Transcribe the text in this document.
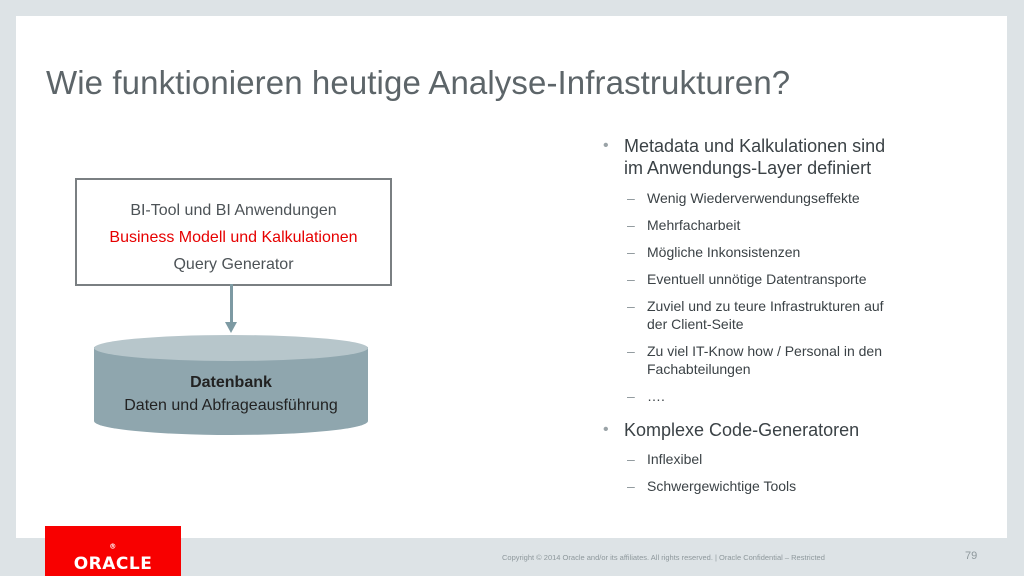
Wie funktionieren heutige Analyse-Infrastrukturen?
BI-Tool und BI Anwendungen
Business Modell und Kalkulationen
Query Generator
Datenbank
Daten und Abfrageausführung
• Metadata und Kalkulationen sind
im Anwendungs-Layer definiert
– Wenig Wiederverwendungseffekte
– Mehrfacharbeit
– Mögliche Inkonsistenzen
– Eventuell unnötige Datentransporte
– Zuviel und zu teure Infrastrukturen auf
der Client-Seite
– Zu viel IT-Know how / Personal in den
Fachabteilungen
– ….
• Komplexe Code-Generatoren
– Inflexibel
– Schwergewichtige Tools
ORACLE
®
Copyright © 2014 Oracle and/or its affiliates. All rights reserved. | Oracle Confidential – Restricted	79
